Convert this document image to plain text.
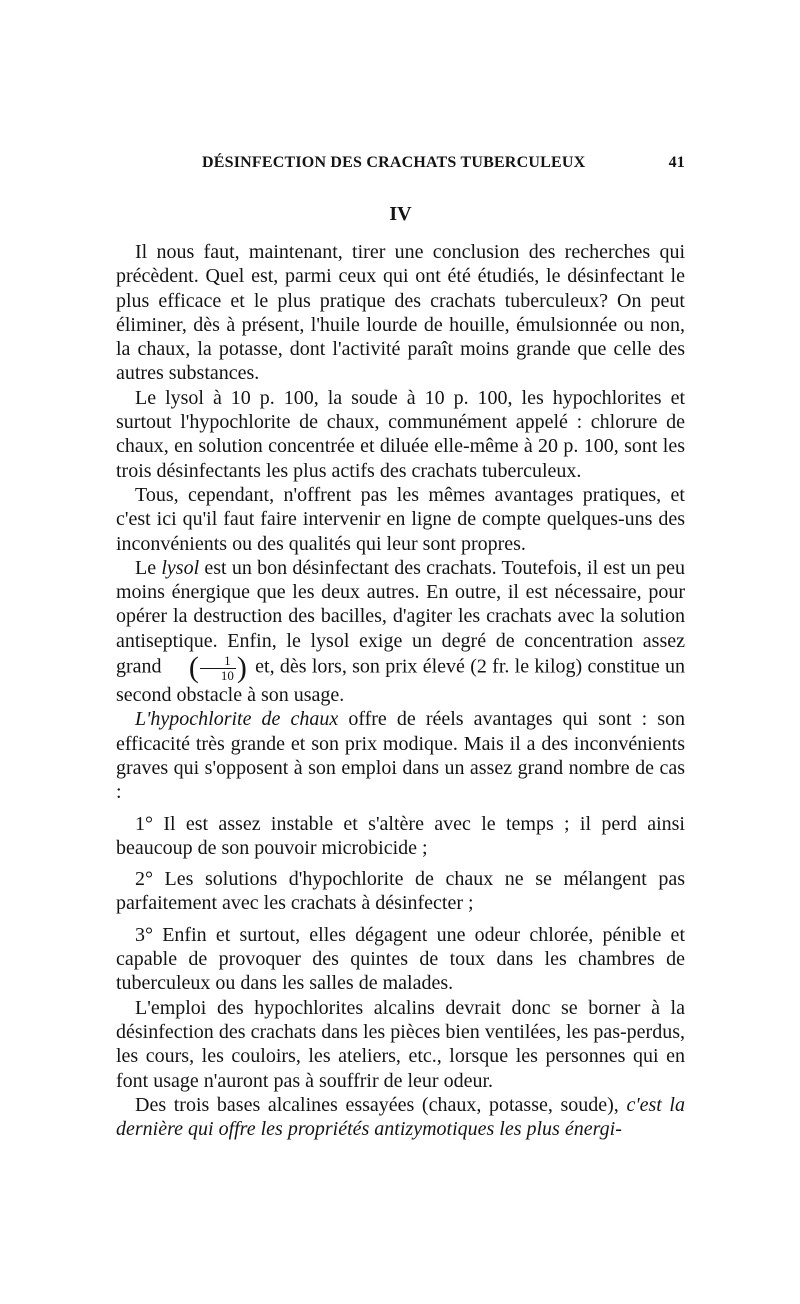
DÉSINFECTION DES CRACHATS TUBERCULEUX	41
IV

Il nous faut, maintenant, tirer une conclusion des recherches qui précèdent. Quel est, parmi ceux qui ont été étudiés, le désinfectant le plus efficace et le plus pratique des crachats tuberculeux? On peut éliminer, dès à présent, l'huile lourde de houille, émulsionnée ou non, la chaux, la potasse, dont l'activité paraît moins grande que celle des autres substances.

Le lysol à 10 p. 100, la soude à 10 p. 100, les hypochlorites et surtout l'hypochlorite de chaux, communément appelé : chlorure de chaux, en solution concentrée et diluée elle-même à 20 p. 100, sont les trois désinfectants les plus actifs des crachats tuberculeux.

Tous, cependant, n'offrent pas les mêmes avantages pratiques, et c'est ici qu'il faut faire intervenir en ligne de compte quelques-uns des inconvénients ou des qualités qui leur sont propres.

Le lysol est un bon désinfectant des crachats. Toutefois, il est un peu moins énergique que les deux autres. En outre, il est nécessaire, pour opérer la destruction des bacilles, d'agiter les crachats avec la solution antiseptique. Enfin, le lysol exige un degré de concentration assez grand ( $\frac{1}{10}$ ) et, dès lors, son prix élevé (2 fr. le kilog) constitue un second obstacle à son usage.

L'hypochlorite de chaux offre de réels avantages qui sont : son efficacité très grande et son prix modique. Mais il a des inconvénients graves qui s'opposent à son emploi dans un assez grand nombre de cas :

1° Il est assez instable et s'altère avec le temps ; il perd ainsi beaucoup de son pouvoir microbicide ;

2° Les solutions d'hypochlorite de chaux ne se mélangent pas parfaitement avec les crachats à désinfecter ;

3° Enfin et surtout, elles dégagent une odeur chlorée, pénible et capable de provoquer des quintes de toux dans les chambres de tuberculeux ou dans les salles de malades.

L'emploi des hypochlorites alcalins devrait donc se borner à la désinfection des crachats dans les pièces bien ventilées, les pas-perdus, les cours, les couloirs, les ateliers, etc., lorsque les personnes qui en font usage n'auront pas à souffrir de leur odeur.

Des trois bases alcalines essayées (chaux, potasse, soude), c'est la dernière qui offre les propriétés antizymotiques les plus énergi-
